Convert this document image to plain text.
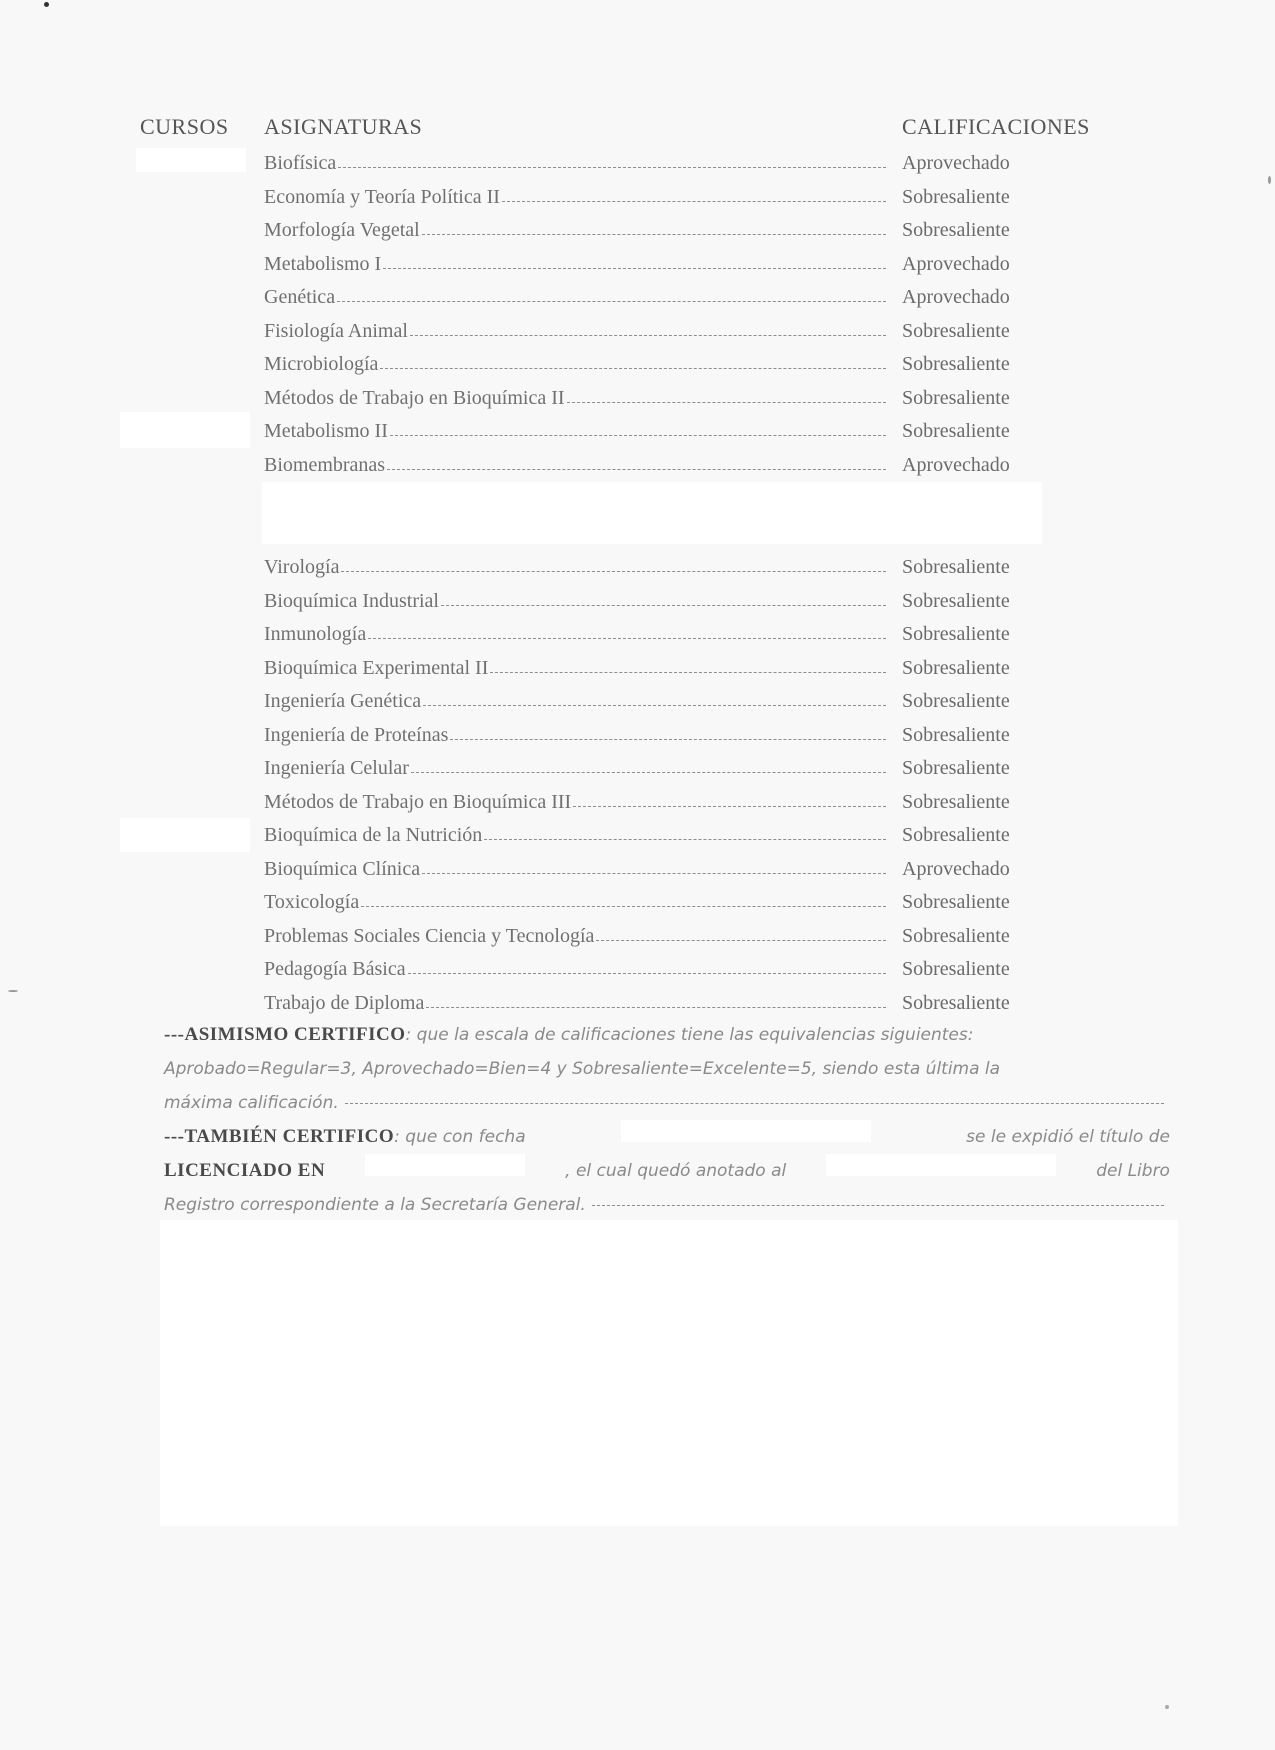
CURSOS ASIGNATURAS	CALIFICACIONES
Biofísica	Aprovechado
Economía y Teoría Política II	Sobresaliente
Morfología Vegetal	Sobresaliente
Metabolismo I	Aprovechado
Genética	Aprovechado
Fisiología Animal	Sobresaliente
Microbiología	Sobresaliente
Métodos de Trabajo en Bioquímica II	Sobresaliente
Metabolismo II	Sobresaliente
Biomembranas	Aprovechado
Virología	Sobresaliente
Bioquímica Industrial	Sobresaliente
Inmunología	Sobresaliente
Bioquímica Experimental II	Sobresaliente
Ingeniería Genética	Sobresaliente
Ingeniería de Proteínas	Sobresaliente
Ingeniería Celular	Sobresaliente
Métodos de Trabajo en Bioquímica III	Sobresaliente
Bioquímica de la Nutrición	Sobresaliente
Bioquímica Clínica	Aprovechado
Toxicología	Sobresaliente
Problemas Sociales Ciencia y Tecnología	Sobresaliente
Pedagogía Básica	Sobresaliente
Trabajo de Diploma	Sobresaliente
---ASIMISMO CERTIFICO : que la escala de calificaciones tiene las equivalencias siguientes:
Aprobado=Regular=3, Aprovechado=Bien=4 y Sobresaliente=Excelente=5, siendo esta última la
máxima calificación.
---TAMBIÉN CERTIFICO: que con fecha	se le expidió el título de
LICENCIADO EN	, el cual quedó anotado al	del Libro
Registro correspondiente a la Secretaría General.
